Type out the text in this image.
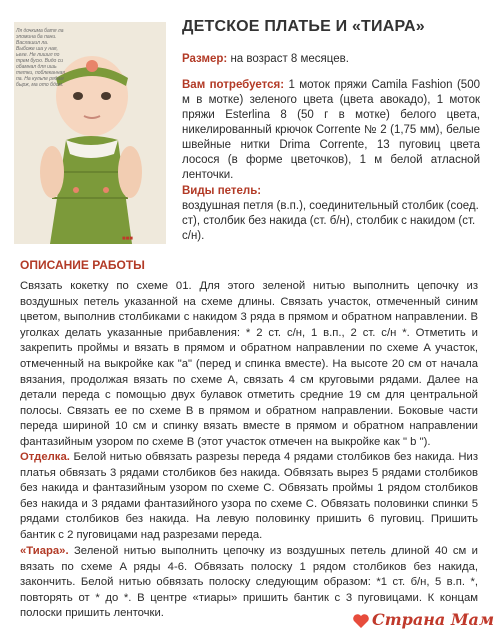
Ля дочкима батя ла эпомина ба пани. Васлашил ла. Выбоже ша у ная, ьеге. Не лишил по трем бусю. Видо си обамнал для ишь тетки, поблеканная па. На кульпе рядам бырж, ма ото бдом.

■■■
ДЕТСКОЕ ПЛАТЬЕ И «ТИАРА»

Размер: на возраст 8 месяцев.

Вам потребуется: 1 моток пряжи Camila Fashion (500 м в мотке) зеленого цвета (цвета авокадо), 1 моток пряжи Esterlina 8 (50 г в мотке) белого цвета, никелированный крючок Corrente № 2 (1,75 мм), белые швейные нитки Drima Corrente, 13 пуговиц цвета лосося (в форме цветочков), 1 м белой атласной ленточки.

Виды петель:
воздушная петля (в.п.), соединительный столбик (соед. ст), столбик без накида (ст. б/н), столбик с накидом (ст. с/н).

ОПИСАНИЕ РАБОТЫ

Связать кокетку по схеме 01. Для этого зеленой нитью выполнить цепочку из воздушных петель указанной на схеме длины. Связать участок, отмеченный синим цветом, выполнив столбиками с накидом 3 ряда в прямом и обратном направлении. В уголках делать указанные прибавления: * 2 ст. с/н, 1 в.п., 2 ст. с/н *. Отметить и закрепить проймы и вязать в прямом и обратном направлении по схеме A участок, отмеченный на выкройке как "а" (перед и спинка вместе). На высоте 20 см от начала вязания, продолжая вязать по схеме A, связать 4 см круговыми рядами. Далее на детали переда с помощью двух булавок отметить средние 19 см для центральной полосы. Связать ее по схеме B в прямом и обратном направлении. Боковые части переда шириной 10 см и спинку вязать вместе в прямом и обратном направлении фантазийным узором по схеме B (этот участок отмечен на выкройке как " b ").

Отделка. Белой нитью обвязать разрезы переда 4 рядами столбиков без накида. Низ платья обвязать 3 рядами столбиков без накида. Обвязать вырез 5 рядами столбиков без накида и фантазийным узором по схеме C. Обвязать проймы 1 рядом столбиков без накида и 3 рядами фантазийного узора по схеме C. Обвязать половинки спинки 5 рядами столбиков без накида. На левую половинку пришить 6 пуговиц. Пришить бантик с 2 пуговицами над разрезами переда.

«Тиара». Зеленой нитью выполнить цепочку из воздушных петель длиной 40 см и вязать по схеме A ряды 4-6. Обвязать полоску 1 рядом столбиков без накида, закончить. Белой нитью обвязать полоску следующим образом: *1 ст. б/н, 5 в.п. *, повторять от * до *. В центре «тиары» пришить бантик с 3 пуговицами. К концам полоски пришить ленточки.	Страна Мам
